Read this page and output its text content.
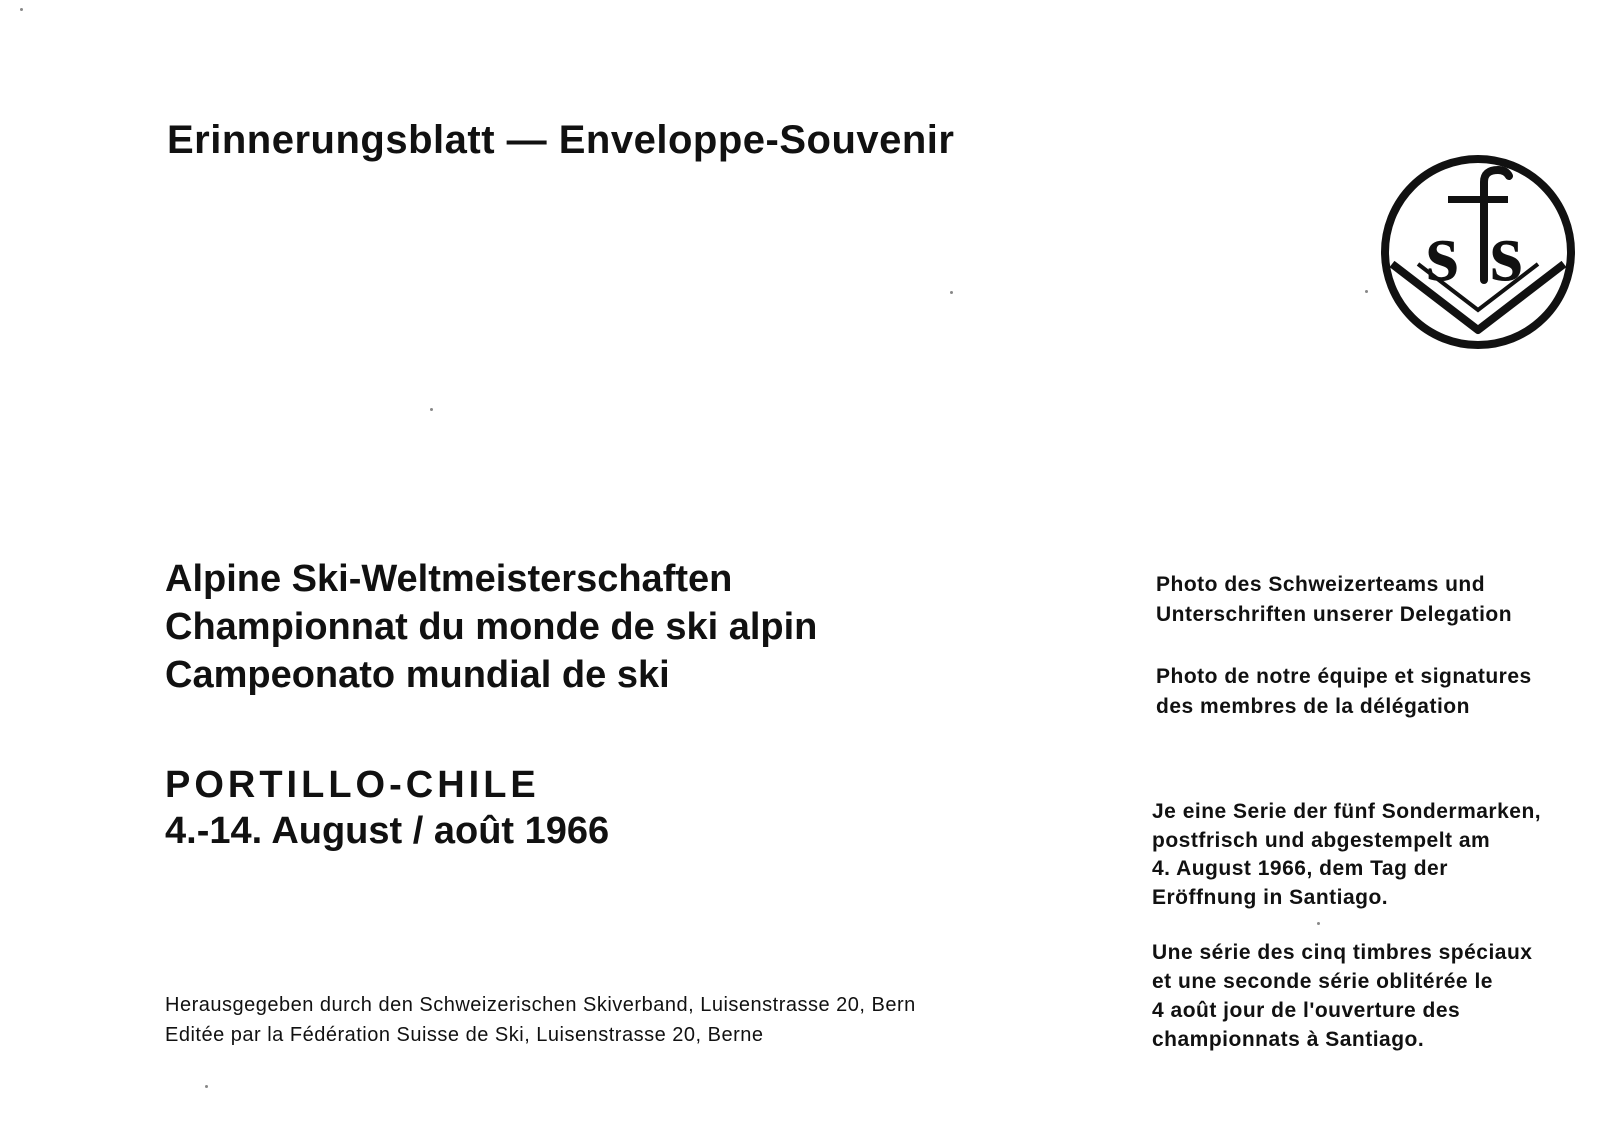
Erinnerungsblatt — Enveloppe-Souvenir
s s
Alpine Ski-Weltmeisterschaften
Championnat du monde de ski alpin
Campeonato mundial de ski
PORTILLO-CHILE
4.-14. August / août 1966
Herausgegeben durch den Schweizerischen Skiverband, Luisenstrasse 20, Bern
Editée par la Fédération Suisse de Ski, Luisenstrasse 20, Berne
Photo des Schweizerteams und
Unterschriften unserer Delegation
Photo de notre équipe et signatures
des membres de la délégation
Je eine Serie der fünf Sondermarken,
postfrisch und abgestempelt am
4. August 1966, dem Tag der
Eröffnung in Santiago.
Une série des cinq timbres spéciaux
et une seconde série oblitérée le
4 août jour de l'ouverture des
championnats à Santiago.
